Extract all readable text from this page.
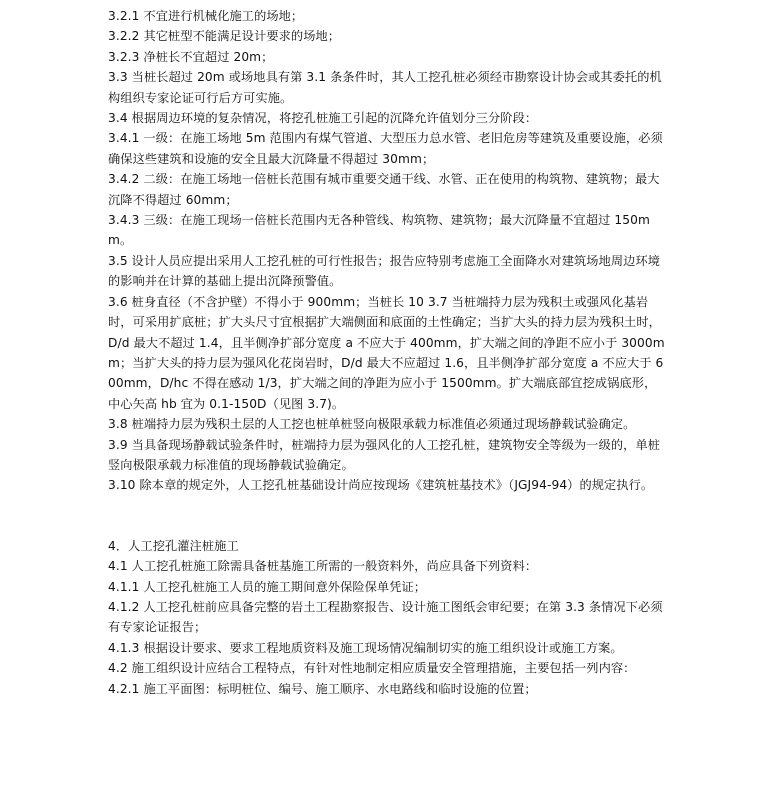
3.2.1 不宜进行机械化施工的场地；

3.2.2 其它桩型不能满足设计要求的场地；

3.2.3 净桩长不宜超过 20m；

3.3 当桩长超过 20m 或场地具有第 3.1 条条件时，其人工挖孔桩必须经市勘察设计协会或其委托的机构组织专家论证可行后方可实施。

3.4 根据周边环境的复杂情况，将挖孔桩施工引起的沉降允许值划分三分阶段：

3.4.1 一级：在施工场地 5m 范围内有煤气管道、大型压力总水管、老旧危房等建筑及重要设施，必须确保这些建筑和设施的安全且最大沉降量不得超过 30mm；

3.4.2 二级：在施工场地一倍桩长范围有城市重要交通干线、水管、正在使用的构筑物、建筑物；最大沉降不得超过 60mm；

3.4.3 三级：在施工现场一倍桩长范围内无各种管线、构筑物、建筑物；最大沉降量不宜超过 150mm。

3.5 设计人员应提出采用人工挖孔桩的可行性报告；报告应特别考虑施工全面降水对建筑场地周边环境的影响并在计算的基础上提出沉降预警值。

3.6 桩身直径（不含护壁）不得小于 900mm；当桩长 10 3.7 当桩端持力层为残积土或强风化基岩时，可采用扩底桩；扩大头尺寸宜根据扩大端侧面和底面的土性确定；当扩大头的持力层为残积土时，D/d 最大不超过 1.4，且半侧净扩部分宽度 a 不应大于 400mm，扩大端之间的净距不应小于 3000mm；当扩大头的持力层为强风化花岗岩时，D/d 最大不应超过 1.6，且半侧净扩部分宽度 a 不应大于 600mm，D/hc 不得在感动 1/3，扩大端之间的净距为应小于 1500mm。扩大端底部宜挖成锅底形，中心矢高 hb 宜为 0.1-150D（见图 3.7)。

3.8 桩端持力层为残积土层的人工挖也桩单桩竖向极限承载力标准值必须通过现场静载试验确定。

3.9 当具备现场静载试验条件时，桩端持力层为强风化的人工挖孔桩，建筑物安全等级为一级的，单桩竖向极限承载力标准值的现场静载试验确定。

3.10 除本章的规定外，人工挖孔桩基础设计尚应按现场《建筑桩基技术》（JGJ94-94）的规定执行。

4．人工挖孔灌注桩施工

4.1 人工挖孔桩施工除需具备桩基施工所需的一般资料外，尚应具备下列资料：

4.1.1 人工挖孔桩施工人员的施工期间意外保险保单凭证；

4.1.2 人工挖孔桩前应具备完整的岩土工程勘察报告、设计施工图纸会审纪要；在第 3.3 条情况下必须有专家论证报告；

4.1.3 根据设计要求、要求工程地质资料及施工现场情况编制切实的施工组织设计或施工方案。

4.2 施工组织设计应结合工程特点，有针对性地制定相应质量安全管理措施，主要包括一列内容：

4.2.1 施工平面图：标明桩位、编号、施工顺序、水电路线和临时设施的位置；
